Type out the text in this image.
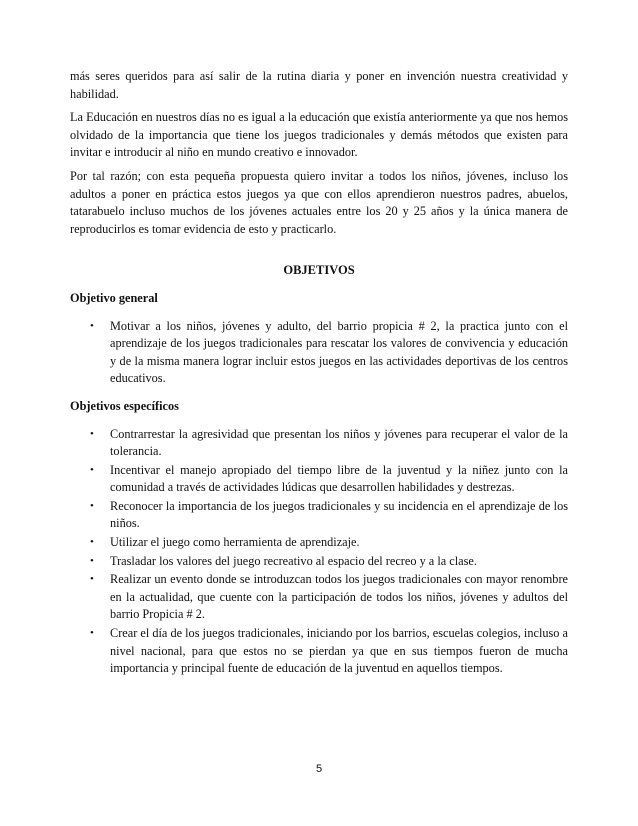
más seres queridos para así salir de la rutina diaria y poner en invención nuestra creatividad y habilidad.

La Educación en nuestros días no es igual a la educación que existía anteriormente ya que nos hemos olvidado de la importancia que tiene los juegos tradicionales y demás métodos que existen para invitar e introducir al niño en mundo creativo e innovador.

Por tal razón; con esta pequeña propuesta quiero invitar a todos los niños, jóvenes, incluso los adultos a poner en práctica estos juegos ya que con ellos aprendieron nuestros padres, abuelos, tatarabuelo incluso muchos de los jóvenes actuales entre los 20 y 25 años y la única manera de reproducirlos es tomar evidencia de esto y practicarlo.

OBJETIVOS
Objetivo general
• Motivar a los niños, jóvenes y adulto, del barrio propicia # 2, la practica junto con el aprendizaje de los juegos tradicionales para rescatar los valores de convivencia y educación y de la misma manera lograr incluir estos juegos en las actividades deportivas de los centros educativos.
Objetivos específicos
• Contrarrestar la agresividad que presentan los niños y jóvenes para recuperar el valor de la tolerancia.
• Incentivar el manejo apropiado del tiempo libre de la juventud y la niñez junto con la comunidad a través de actividades lúdicas que desarrollen habilidades y destrezas.
• Reconocer la importancia de los juegos tradicionales y su incidencia en el aprendizaje de los niños.
• Utilizar el juego como herramienta de aprendizaje.
• Trasladar los valores del juego recreativo al espacio del recreo y a la clase.
• Realizar un evento donde se introduzcan todos los juegos tradicionales con mayor renombre en la actualidad, que cuente con la participación de todos los niños, jóvenes y adultos del barrio Propicia # 2.
• Crear el día de los juegos tradicionales, iniciando por los barrios, escuelas colegios, incluso a nivel nacional, para que estos no se pierdan ya que en sus tiempos fueron de mucha importancia y principal fuente de educación de la juventud en aquellos tiempos.
5
